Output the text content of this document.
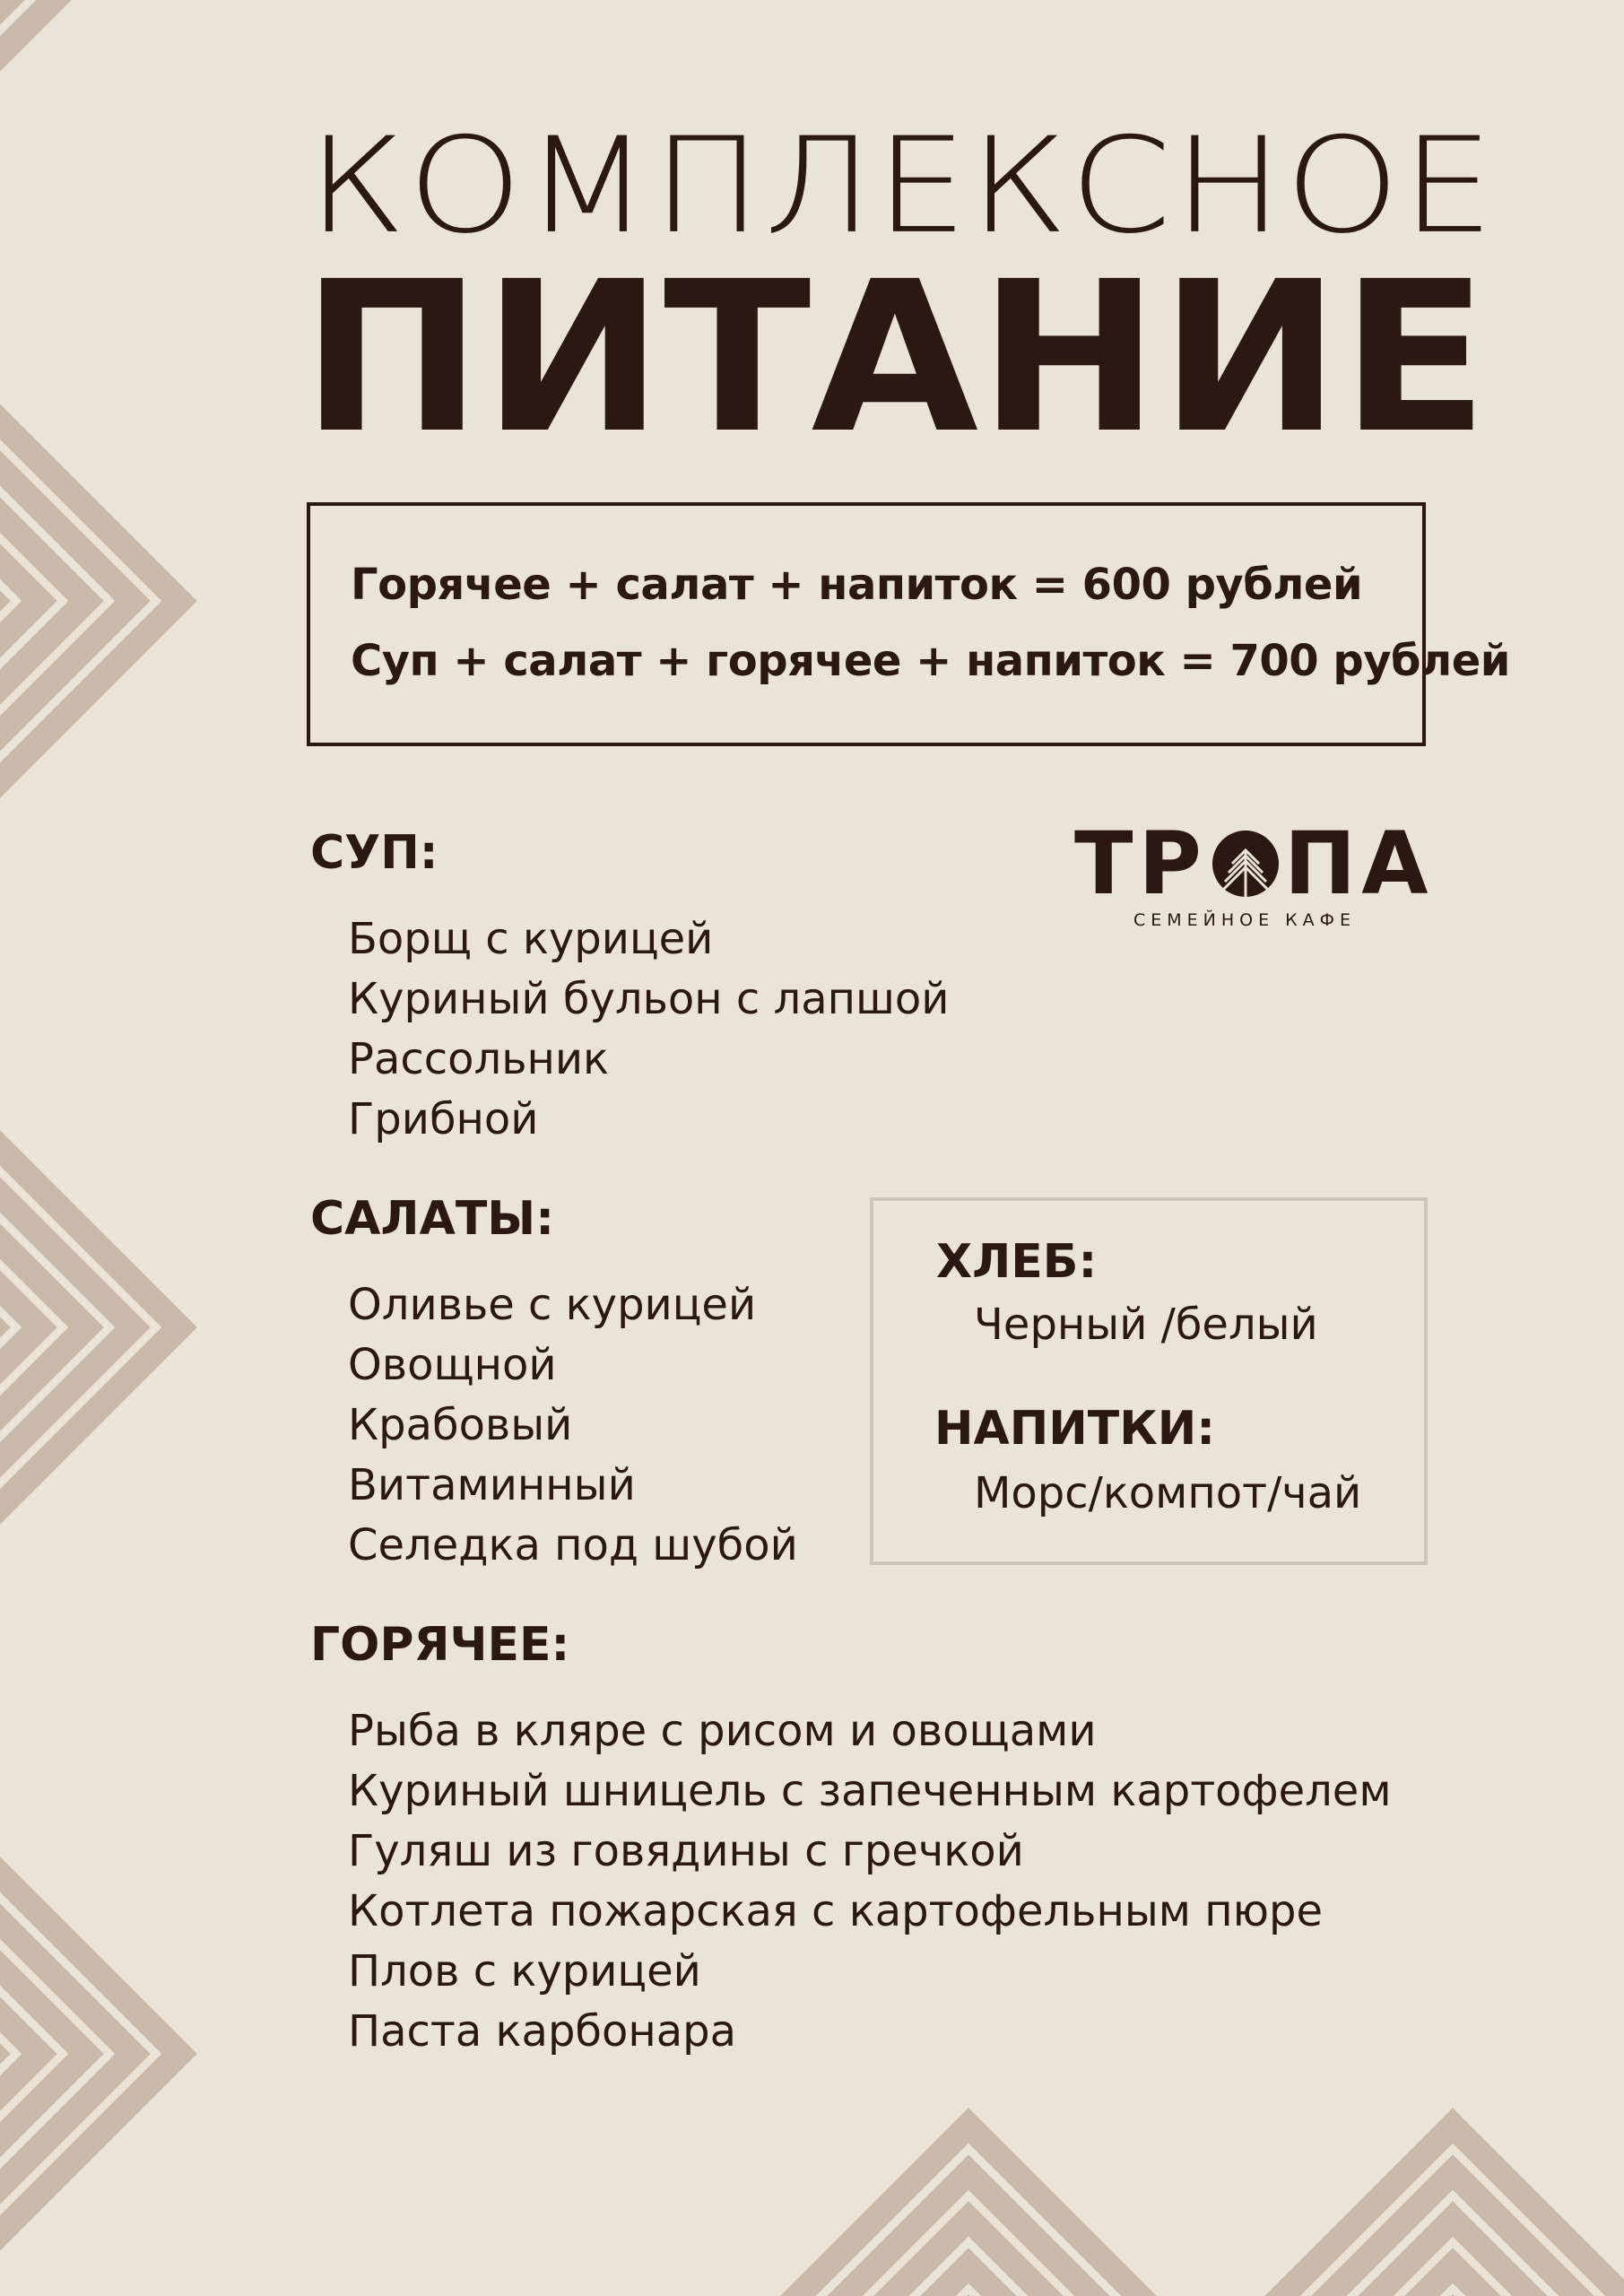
КОМПЛЕКСНОЕ
ПИТАНИЕ
Горячее + салат + напиток = 600 рублей
Суп + салат + горячее + напиток = 700 рублей
ТР ПА
СЕМЕЙНОЕ КАФЕ
СУП:
Борщ с курицей
Куриный бульон с лапшой
Рассольник
Грибной
САЛАТЫ:
Оливье с курицей
Овощной
Крабовый
Витаминный
Селедка под шубой
ХЛЕБ:
Черный /белый
НАПИТКИ:
Морс/компот/чай
ГОРЯЧЕЕ:
Рыба в кляре с рисом и овощами
Куриный шницель с запеченным картофелем
Гуляш из говядины с гречкой
Котлета пожарская с картофельным пюре
Плов с курицей
Паста карбонара
